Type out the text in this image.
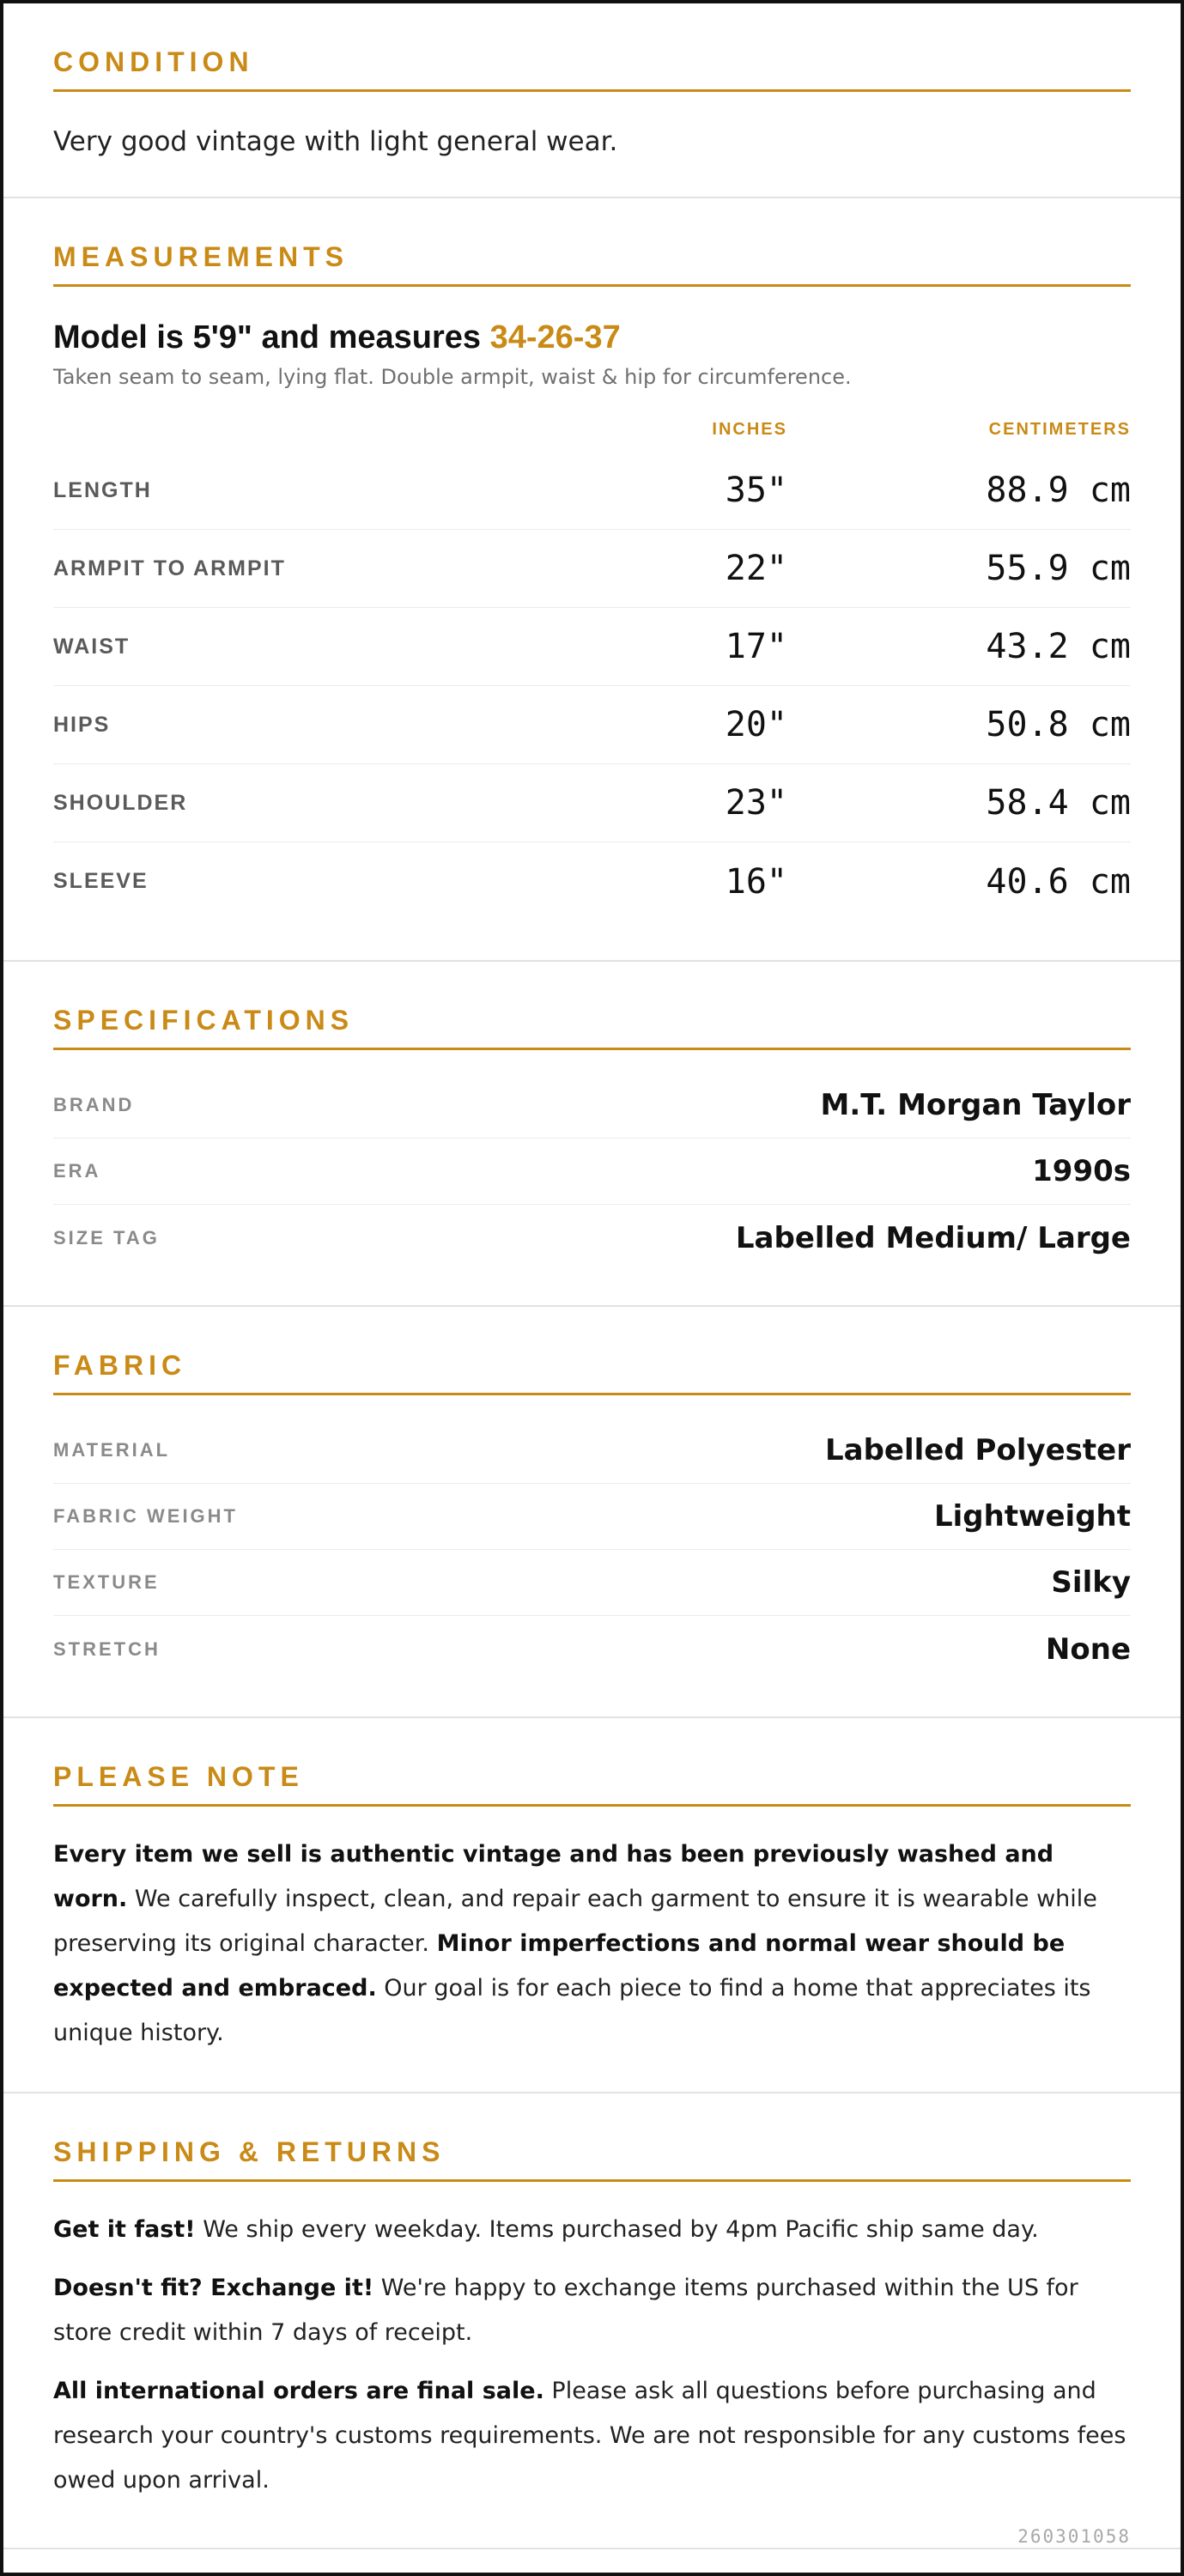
CONDITION
Very good vintage with light general wear.
MEASUREMENTS
Model is 5'9" and measures 34-26-37
Taken seam to seam, lying flat. Double armpit, waist & hip for circumference.
INCHES	CENTIMETERS
LENGTH	35"	88.9 cm
ARMPIT TO ARMPIT	22"	55.9 cm
WAIST	17"	43.2 cm
HIPS	20"	50.8 cm
SHOULDER	23"	58.4 cm
SLEEVE	16"	40.6 cm
SPECIFICATIONS
BRAND	M.T. Morgan Taylor
ERA	1990s
SIZE TAG	Labelled Medium/ Large
FABRIC
MATERIAL	Labelled Polyester
FABRIC WEIGHT	Lightweight
TEXTURE	Silky
STRETCH	None
PLEASE NOTE
Every item we sell is authentic vintage and has been previously washed and worn. We carefully inspect, clean, and repair each garment to ensure it is wearable while preserving its original character. Minor imperfections and normal wear should be expected and embraced. Our goal is for each piece to find a home that appreciates its unique history.
SHIPPING & RETURNS

Get it fast! We ship every weekday. Items purchased by 4pm Pacific ship same day.

Doesn't fit? Exchange it! We're happy to exchange items purchased within the US for store credit within 7 days of receipt.

All international orders are final sale. Please ask all questions before purchasing and research your country's customs requirements. We are not responsible for any customs fees owed upon arrival.

260301058
